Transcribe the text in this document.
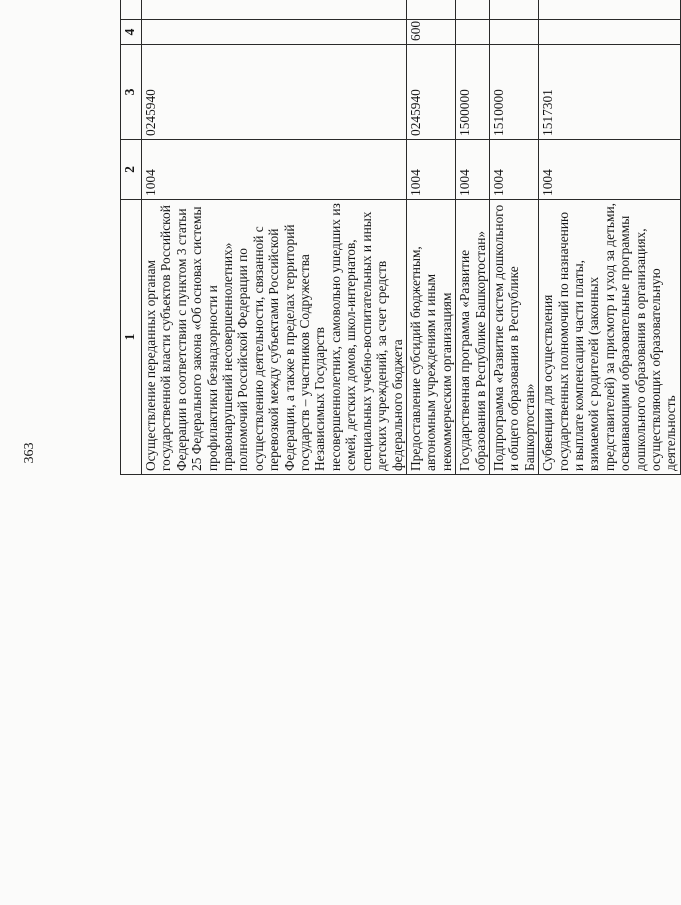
363
1	2	3	4		
Осуществление переданных органам государственной власти субъектов Российской Федерации в соответствии с пунктом 3 статьи 25 Федерального закона «Об основах системы профилактики безнадзорности и правонарушений несовершеннолетних» полномочий Российской Федерации по осуществлению деятельности, связанной с перевозкой между субъектами Российской Федерации, а также в пределах территорий государств – участников Содружества Независимых Государств несовершеннолетних, самовольно ушедших из семей, детских домов, школ-интернатов, специальных учебно-воспитательных и иных детских учреждений, за счет средств федерального бюджета	1004	0245940			
Предоставление субсидий бюджетным, автономным учреждениям и иным некоммерческим организациям	1004	0245940	600		
Государственная программа «Развитие образования в Республике Башкортостан»	1004	1500000			
Подпрограмма «Развитие систем дошкольного и общего образования в Республике Башкортостан»	1004	1510000			
Субвенции для осуществления государственных полномочий по назначению и выплате компенсации части платы, взимаемой с родителей (законных представителей) за присмотр и уход за детьми, осваивающими образовательные программы дошкольного образования в организациях, осуществляющих образовательную деятельность	1004	1517301			
